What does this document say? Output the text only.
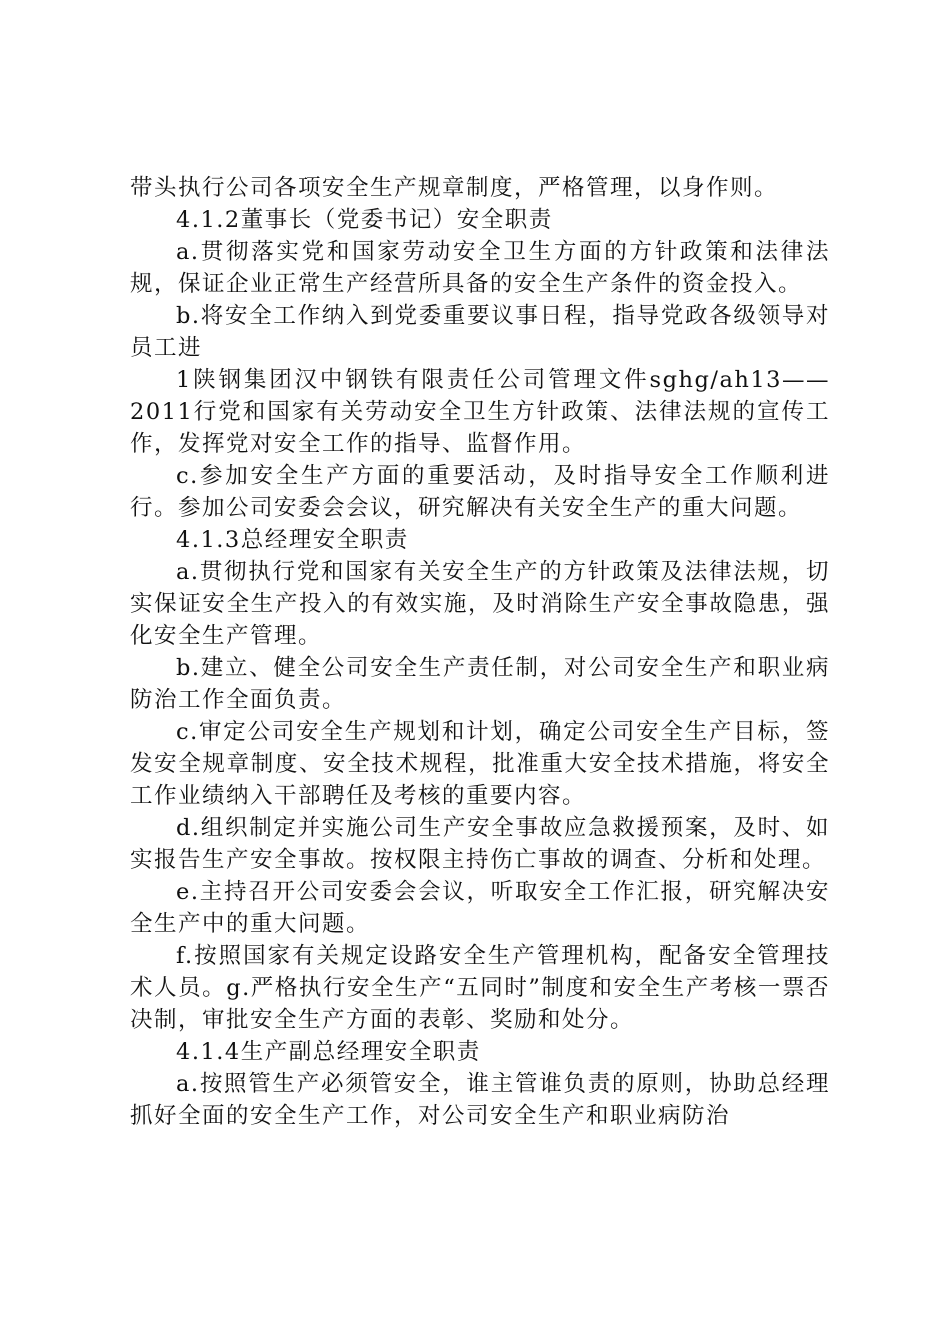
带头执行公司各项安全生产规章制度，严格管理，以身作则。

4.1.2董事长（党委书记）安全职责

a.贯彻落实党和国家劳动安全卫生方面的方针政策和法律法规，保证企业正常生产经营所具备的安全生产条件的资金投入。

b.将安全工作纳入到党委重要议事日程，指导党政各级领导对员工进

1陕钢集团汉中钢铁有限责任公司管理文件sghg/ah13——2011行党和国家有关劳动安全卫生方针政策、法律法规的宣传工作，发挥党对安全工作的指导、监督作用。

c.参加安全生产方面的重要活动，及时指导安全工作顺利进行。参加公司安委会会议，研究解决有关安全生产的重大问题。

4.1.3总经理安全职责

a.贯彻执行党和国家有关安全生产的方针政策及法律法规，切实保证安全生产投入的有效实施，及时消除生产安全事故隐患，强化安全生产管理。

b.建立、健全公司安全生产责任制，对公司安全生产和职业病防治工作全面负责。

c.审定公司安全生产规划和计划，确定公司安全生产目标，签发安全规章制度、安全技术规程，批准重大安全技术措施，将安全工作业绩纳入干部聘任及考核的重要内容。

d.组织制定并实施公司生产安全事故应急救援预案，及时、如实报告生产安全事故。按权限主持伤亡事故的调查、分析和处理。

e.主持召开公司安委会会议，听取安全工作汇报，研究解决安全生产中的重大问题。

f.按照国家有关规定设路安全生产管理机构，配备安全管理技术人员。g.严格执行安全生产“五同时”制度和安全生产考核一票否决制，审批安全生产方面的表彰、奖励和处分。

4.1.4生产副总经理安全职责

a.按照管生产必须管安全，谁主管谁负责的原则，协助总经理抓好全面的安全生产工作，对公司安全生产和职业病防治
